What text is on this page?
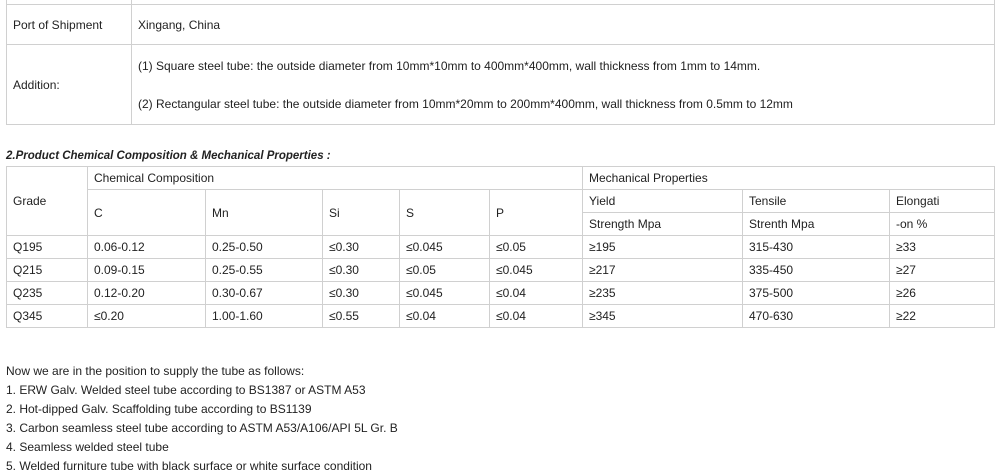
Port of Shipment	Xingang, China
Addition:	(1) Square steel tube: the outside diameter from 10mm*10mm to 400mm*400mm, wall thickness from 1mm to 14mm.
(2) Rectangular steel tube: the outside diameter from 10mm*20mm to 200mm*400mm, wall thickness from 0.5mm to 12mm
2.Product Chemical Composition & Mechanical Properties :
Grade	Chemical Composition					Mechanical Properties		
	C	Mn	Si	S	P	Yield	Tensile	Elongati
						Strength Mpa	Strenth Mpa	-on %
Q195	0.06-0.12	0.25-0.50	≤0.30	≤0.045	≤0.05	≥195	315-430	≥33
Q215	0.09-0.15	0.25-0.55	≤0.30	≤0.05	≤0.045	≥217	335-450	≥27
Q235	0.12-0.20	0.30-0.67	≤0.30	≤0.045	≤0.04	≥235	375-500	≥26
Q345	≤0.20	1.00-1.60	≤0.55	≤0.04	≤0.04	≥345	470-630	≥22
Now we are in the position to supply the tube as follows:
1. ERW Galv. Welded steel tube according to BS1387 or ASTM A53
2. Hot-dipped Galv. Scaffolding tube according to BS1139
3. Carbon seamless steel tube according to ASTM A53/A106/API 5L Gr. B
4. Seamless welded steel tube
5. Welded furniture tube with black surface or white surface condition
